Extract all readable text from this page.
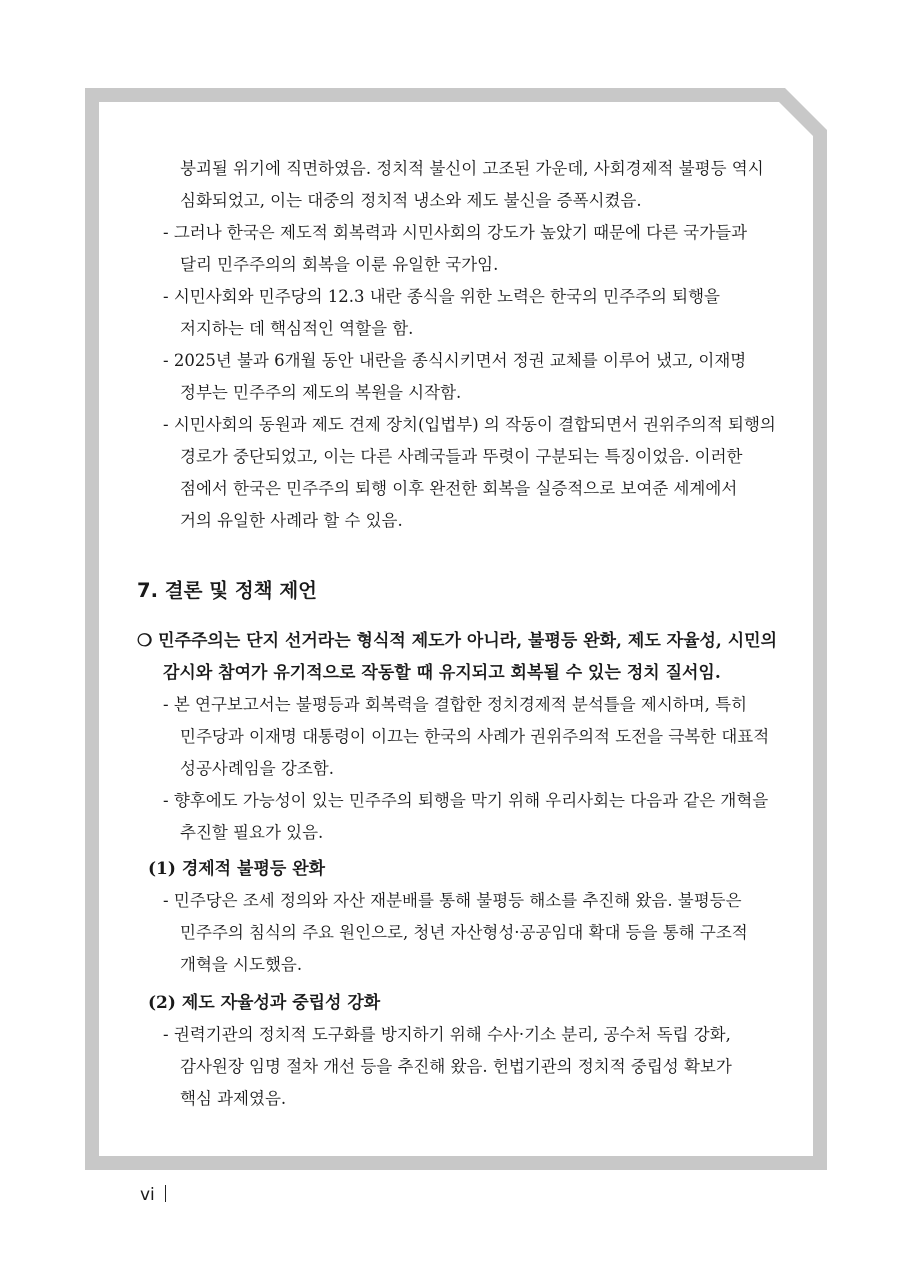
붕괴될 위기에 직면하였음. 정치적 불신이 고조된 가운데, 사회경제적 불평등 역시
심화되었고, 이는 대중의 정치적 냉소와 제도 불신을 증폭시켰음.
- 그러나 한국은 제도적 회복력과 시민사회의 강도가 높았기 때문에 다른 국가들과
달리 민주주의의 회복을 이룬 유일한 국가임.
- 시민사회와 민주당의 12.3 내란 종식을 위한 노력은 한국의 민주주의 퇴행을
저지하는 데 핵심적인 역할을 함.
- 2025년 불과 6개월 동안 내란을 종식시키면서 정권 교체를 이루어 냈고, 이재명
정부는 민주주의 제도의 복원을 시작함.
- 시민사회의 동원과 제도 견제 장치(입법부) 의 작동이 결합되면서 권위주의적 퇴행의
경로가 중단되었고, 이는 다른 사례국들과 뚜렷이 구분되는 특징이었음. 이러한
점에서 한국은 민주주의 퇴행 이후 완전한 회복을 실증적으로 보여준 세계에서
거의 유일한 사례라 할 수 있음.
7. 결론 및 정책 제언
❍ 민주주의는 단지 선거라는 형식적 제도가 아니라, 불평등 완화, 제도 자율성, 시민의
감시와 참여가 유기적으로 작동할 때 유지되고 회복될 수 있는 정치 질서임.
- 본 연구보고서는 불평등과 회복력을 결합한 정치경제적 분석틀을 제시하며, 특히
민주당과 이재명 대통령이 이끄는 한국의 사례가 권위주의적 도전을 극복한 대표적
성공사례임을 강조함.
- 향후에도 가능성이 있는 민주주의 퇴행을 막기 위해 우리사회는 다음과 같은 개혁을
추진할 필요가 있음.
(1) 경제적 불평등 완화
- 민주당은 조세 정의와 자산 재분배를 통해 불평등 해소를 추진해 왔음. 불평등은
민주주의 침식의 주요 원인으로, 청년 자산형성·공공임대 확대 등을 통해 구조적
개혁을 시도했음.
(2) 제도 자율성과 중립성 강화
- 권력기관의 정치적 도구화를 방지하기 위해 수사·기소 분리, 공수처 독립 강화,
감사원장 임명 절차 개선 등을 추진해 왔음. 헌법기관의 정치적 중립성 확보가
핵심 과제였음.
vi
